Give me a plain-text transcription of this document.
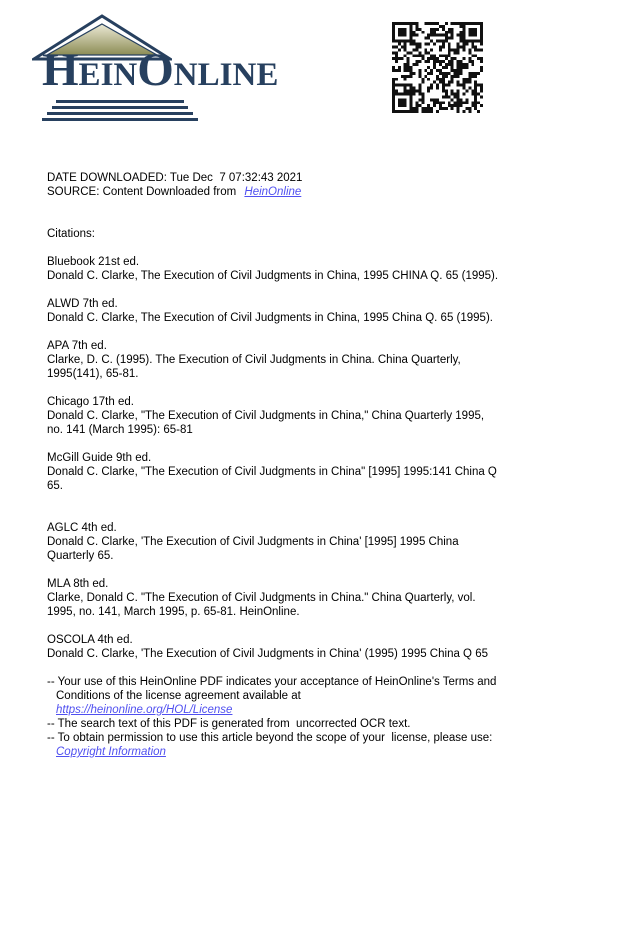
HeinOnline
DATE DOWNLOADED: Tue Dec  7 07:32:43 2021
SOURCE: Content Downloaded from HeinOnline
Citations:
Bluebook 21st ed.
Donald C. Clarke, The Execution of Civil Judgments in China, 1995 CHINA Q. 65 (1995).
ALWD 7th ed.
Donald C. Clarke, The Execution of Civil Judgments in China, 1995 China Q. 65 (1995).
APA 7th ed.
Clarke, D. C. (1995). The Execution of Civil Judgments in China. China Quarterly,
1995(141), 65-81.
Chicago 17th ed.
Donald C. Clarke, "The Execution of Civil Judgments in China," China Quarterly 1995,
no. 141 (March 1995): 65-81
McGill Guide 9th ed.
Donald C. Clarke, "The Execution of Civil Judgments in China" [1995] 1995:141 China Q
65.
AGLC 4th ed.
Donald C. Clarke, 'The Execution of Civil Judgments in China' [1995] 1995 China
Quarterly 65.
MLA 8th ed.
Clarke, Donald C. "The Execution of Civil Judgments in China." China Quarterly, vol.
1995, no. 141, March 1995, p. 65-81. HeinOnline.
OSCOLA 4th ed.
Donald C. Clarke, 'The Execution of Civil Judgments in China' (1995) 1995 China Q 65
-- Your use of this HeinOnline PDF indicates your acceptance of HeinOnline's Terms and
Conditions of the license agreement available at
https://heinonline.org/HOL/License
-- The search text of this PDF is generated from  uncorrected OCR text.
-- To obtain permission to use this article beyond the scope of your  license, please use:
Copyright Information
